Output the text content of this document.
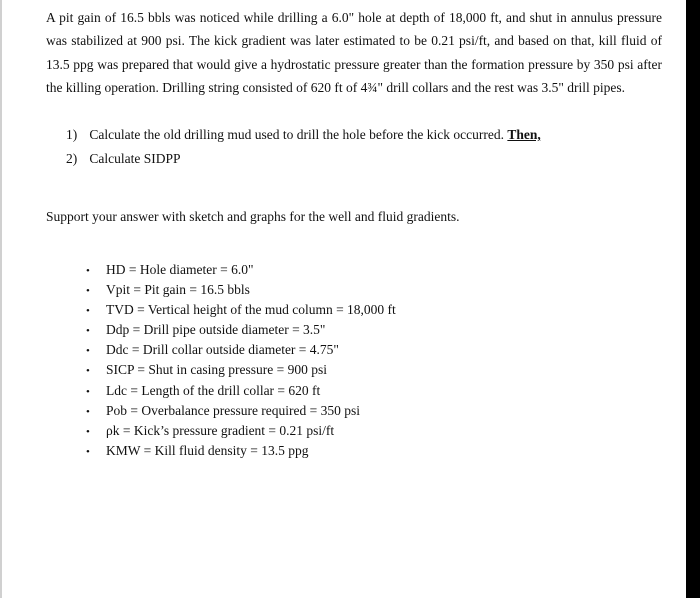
A pit gain of 16.5 bbls was noticed while drilling a 6.0" hole at depth of 18,000 ft, and shut in annulus pressure was stabilized at 900 psi. The kick gradient was later estimated to be 0.21 psi/ft, and based on that, kill fluid of 13.5 ppg was prepared that would give a hydrostatic pressure greater than the formation pressure by 350 psi after the killing operation. Drilling string consisted of 620 ft of 4¾" drill collars and the rest was 3.5" drill pipes.

1) Calculate the old drilling mud used to drill the hole before the kick occurred. Then,
2) Calculate SIDPP

Support your answer with sketch and graphs for the well and fluid gradients.

• HD = Hole diameter = 6.0"
• Vpit = Pit gain = 16.5 bbls
• TVD = Vertical height of the mud column = 18,000 ft
• Ddp = Drill pipe outside diameter = 3.5"
• Ddc = Drill collar outside diameter = 4.75"
• SICP = Shut in casing pressure = 900 psi
• Ldc = Length of the drill collar = 620 ft
• Pob = Overbalance pressure required = 350 psi
• ρk = Kick’s pressure gradient = 0.21 psi/ft
• KMW = Kill fluid density = 13.5 ppg
